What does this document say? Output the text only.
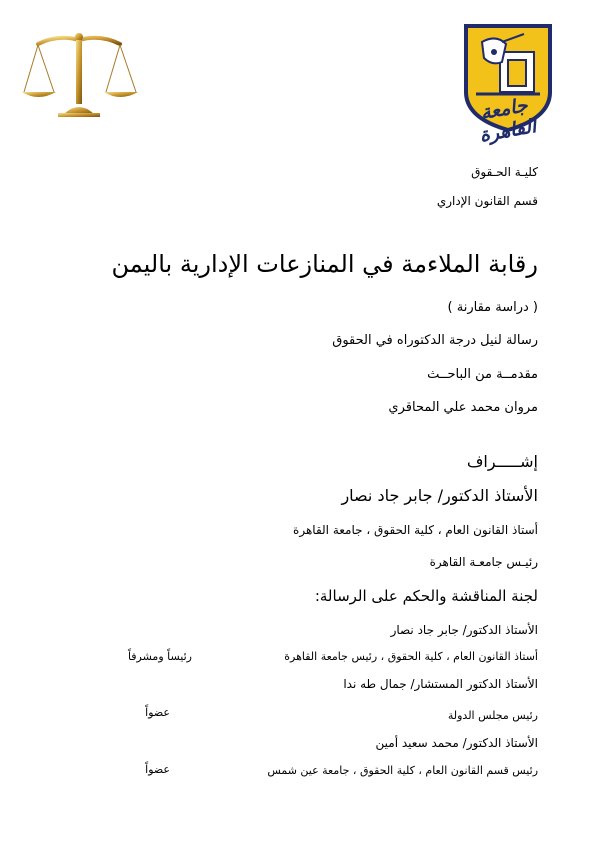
جامعة القاهرة
كليـة الحـقوق
قسم القانون الإداري
رقابة الملاءمة في المنازعات الإدارية باليمن
( دراسة مقارنة )
رسالة لنيل درجة الدكتوراه في الحقوق
مقدمــة من الباحــث
مروان محمد علي المحاقري
إشـــــراف
الأستاذ الدكتور/ جابر جاد نصار
أستاذ القانون العام ، كلية الحقوق ، جامعة القاهرة
رئيـس جامعـة القاهرة
لجنة المناقشة والحكم على الرسالة:
الأستاذ الدكتور/ جابر جاد نصار
أستاذ القانون العام ، كلية الحقوق ، رئيس جامعة القاهرة
رئيساً ومشرفاً
الأستاذ الدكتور المستشار/ جمال طه ندا
رئيس مجلس الدولة
عضواً
الأستاذ الدكتور/ محمد سعيد أمين
رئيس قسم القانون العام ، كلية الحقوق ، جامعة عين شمس
عضواً
